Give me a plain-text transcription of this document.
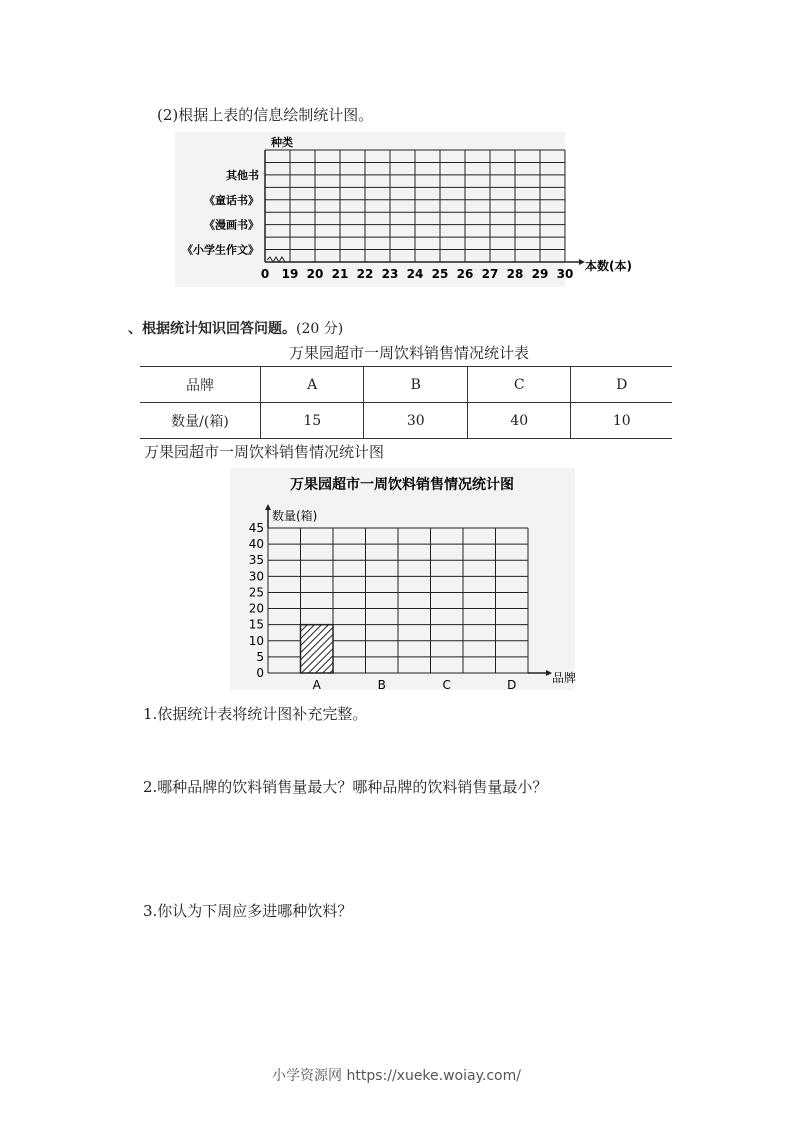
(2)根据上表的信息绘制统计图。
种类
其他书
《童话书》
《漫画书》
《小学生作文》
0 19 20 21 22 23 24 25 26 27 28 29 30
本数(本)
、根据统计知识回答问题。(20 分)
万果园超市一周饮料销售情况统计表
品牌	A	B	C	D
数量/(箱)	15	30	40	10
万果园超市一周饮料销售情况统计图
万果园超市一周饮料销售情况统计图
数量(箱)
0
5
10
15
20
25
30
35
40
45
A	B	C	D	品牌
1.依据统计表将统计图补充完整。
2.哪种品牌的饮料销售量最大？哪种品牌的饮料销售量最小？
3.你认为下周应多进哪种饮料？
小学资源网 https://xueke.woiay.com/
